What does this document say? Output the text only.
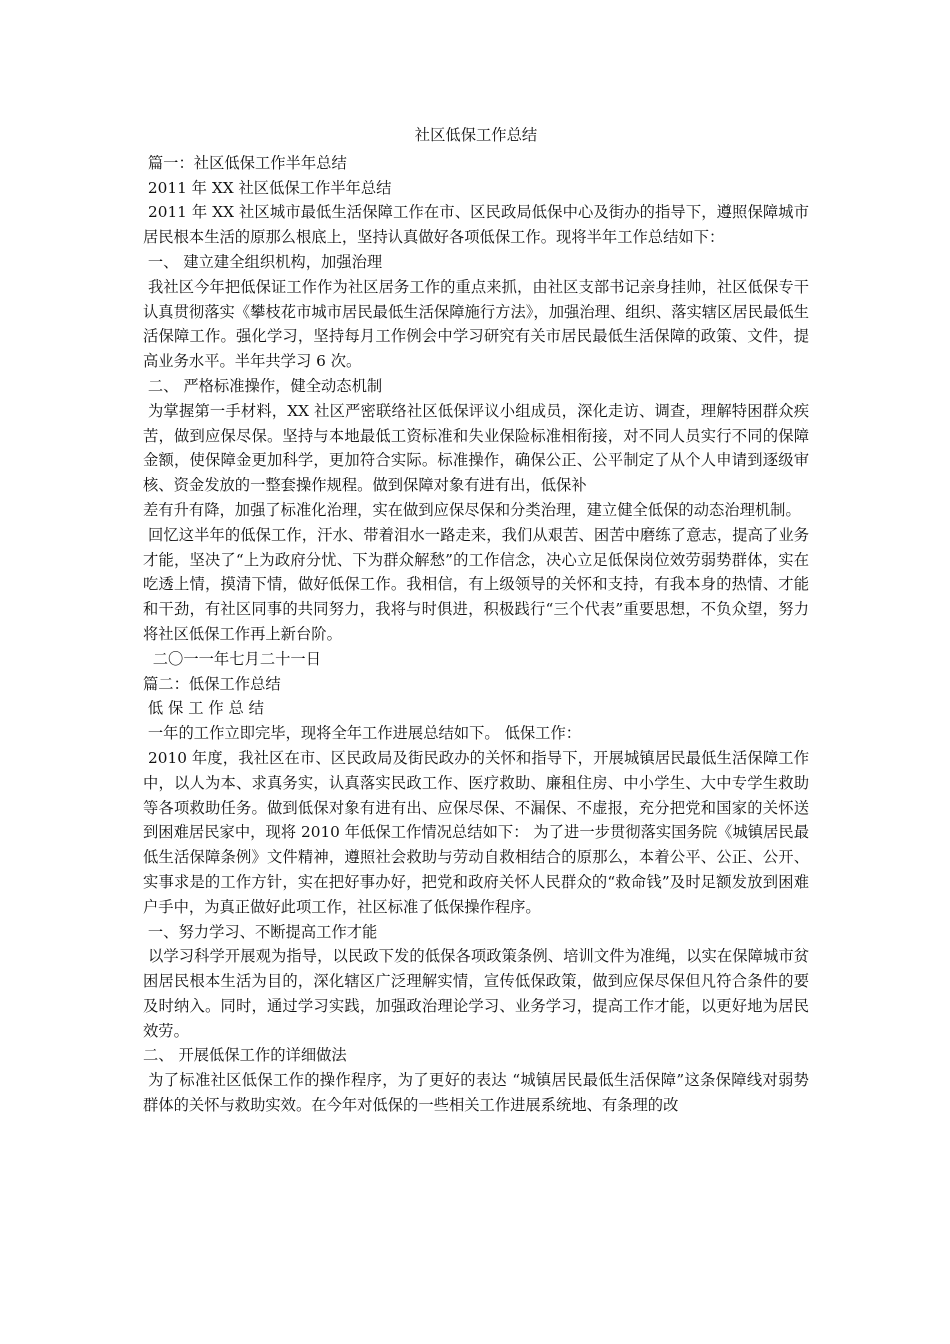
社区低保工作总结

篇一：社区低保工作半年总结

2011 年 XX 社区低保工作半年总结

2011 年 XX 社区城市最低生活保障工作在市、区民政局低保中心及街办的指导下，遵照保障城市居民根本生活的原那么根底上，坚持认真做好各项低保工作。现将半年工作总结如下：

一、 建立建全组织机构，加强治理

我社区今年把低保证工作作为社区居务工作的重点来抓，由社区支部书记亲身挂帅，社区低保专干认真贯彻落实《攀枝花市城市居民最低生活保障施行方法》，加强治理、组织、落实辖区居民最低生活保障工作。强化学习，坚持每月工作例会中学习研究有关市居民最低生活保障的政策、文件，提高业务水平。半年共学习 6 次。

二、 严格标准操作，健全动态机制

为掌握第一手材料，XX 社区严密联络社区低保评议小组成员，深化走访、调查，理解特困群众疾苦，做到应保尽保。坚持与本地最低工资标准和失业保险标准相衔接，对不同人员实行不同的保障金额，使保障金更加科学，更加符合实际。标准操作，确保公正、公平制定了从个人申请到逐级审核、资金发放的一整套操作规程。做到保障对象有进有出，低保补

差有升有降，加强了标准化治理，实在做到应保尽保和分类治理，建立健全低保的动态治理机制。

回忆这半年的低保工作，汗水、带着泪水一路走来，我们从艰苦、困苦中磨练了意志，提高了业务才能，坚决了“上为政府分忧、下为群众解愁”的工作信念，决心立足低保岗位效劳弱势群体，实在吃透上情，摸清下情，做好低保工作。我相信，有上级领导的关怀和支持，有我本身的热情、才能和干劲，有社区同事的共同努力，我将与时俱进，积极践行“三个代表”重要思想，不负众望，努力将社区低保工作再上新台阶。

二〇一一年七月二十一日

篇二：低保工作总结

低 保 工 作 总 结

一年的工作立即完毕，现将全年工作进展总结如下。 低保工作：

2010 年度，我社区在市、区民政局及街民政办的关怀和指导下，开展城镇居民最低生活保障工作中，以人为本、求真务实，认真落实民政工作、医疗救助、廉租住房、中小学生、大中专学生救助等各项救助任务。做到低保对象有进有出、应保尽保、不漏保、不虚报，充分把党和国家的关怀送到困难居民家中，现将 2010 年低保工作情况总结如下： 为了进一步贯彻落实国务院《城镇居民最低生活保障条例》文件精神，遵照社会救助与劳动自救相结合的原那么，本着公平、公正、公开、实事求是的工作方针，实在把好事办好，把党和政府关怀人民群众的“救命钱”及时足额发放到困难户手中，为真正做好此项工作，社区标准了低保操作程序。

一、努力学习、不断提高工作才能

以学习科学开展观为指导，以民政下发的低保各项政策条例、培训文件为准绳，以实在保障城市贫困居民根本生活为目的，深化辖区广泛理解实情，宣传低保政策，做到应保尽保但凡符合条件的要及时纳入。同时，通过学习实践，加强政治理论学习、业务学习，提高工作才能，以更好地为居民效劳。

二、 开展低保工作的详细做法

为了标准社区低保工作的操作程序，为了更好的表达 “城镇居民最低生活保障”这条保障线对弱势群体的关怀与救助实效。在今年对低保的一些相关工作进展系统地、有条理的改
